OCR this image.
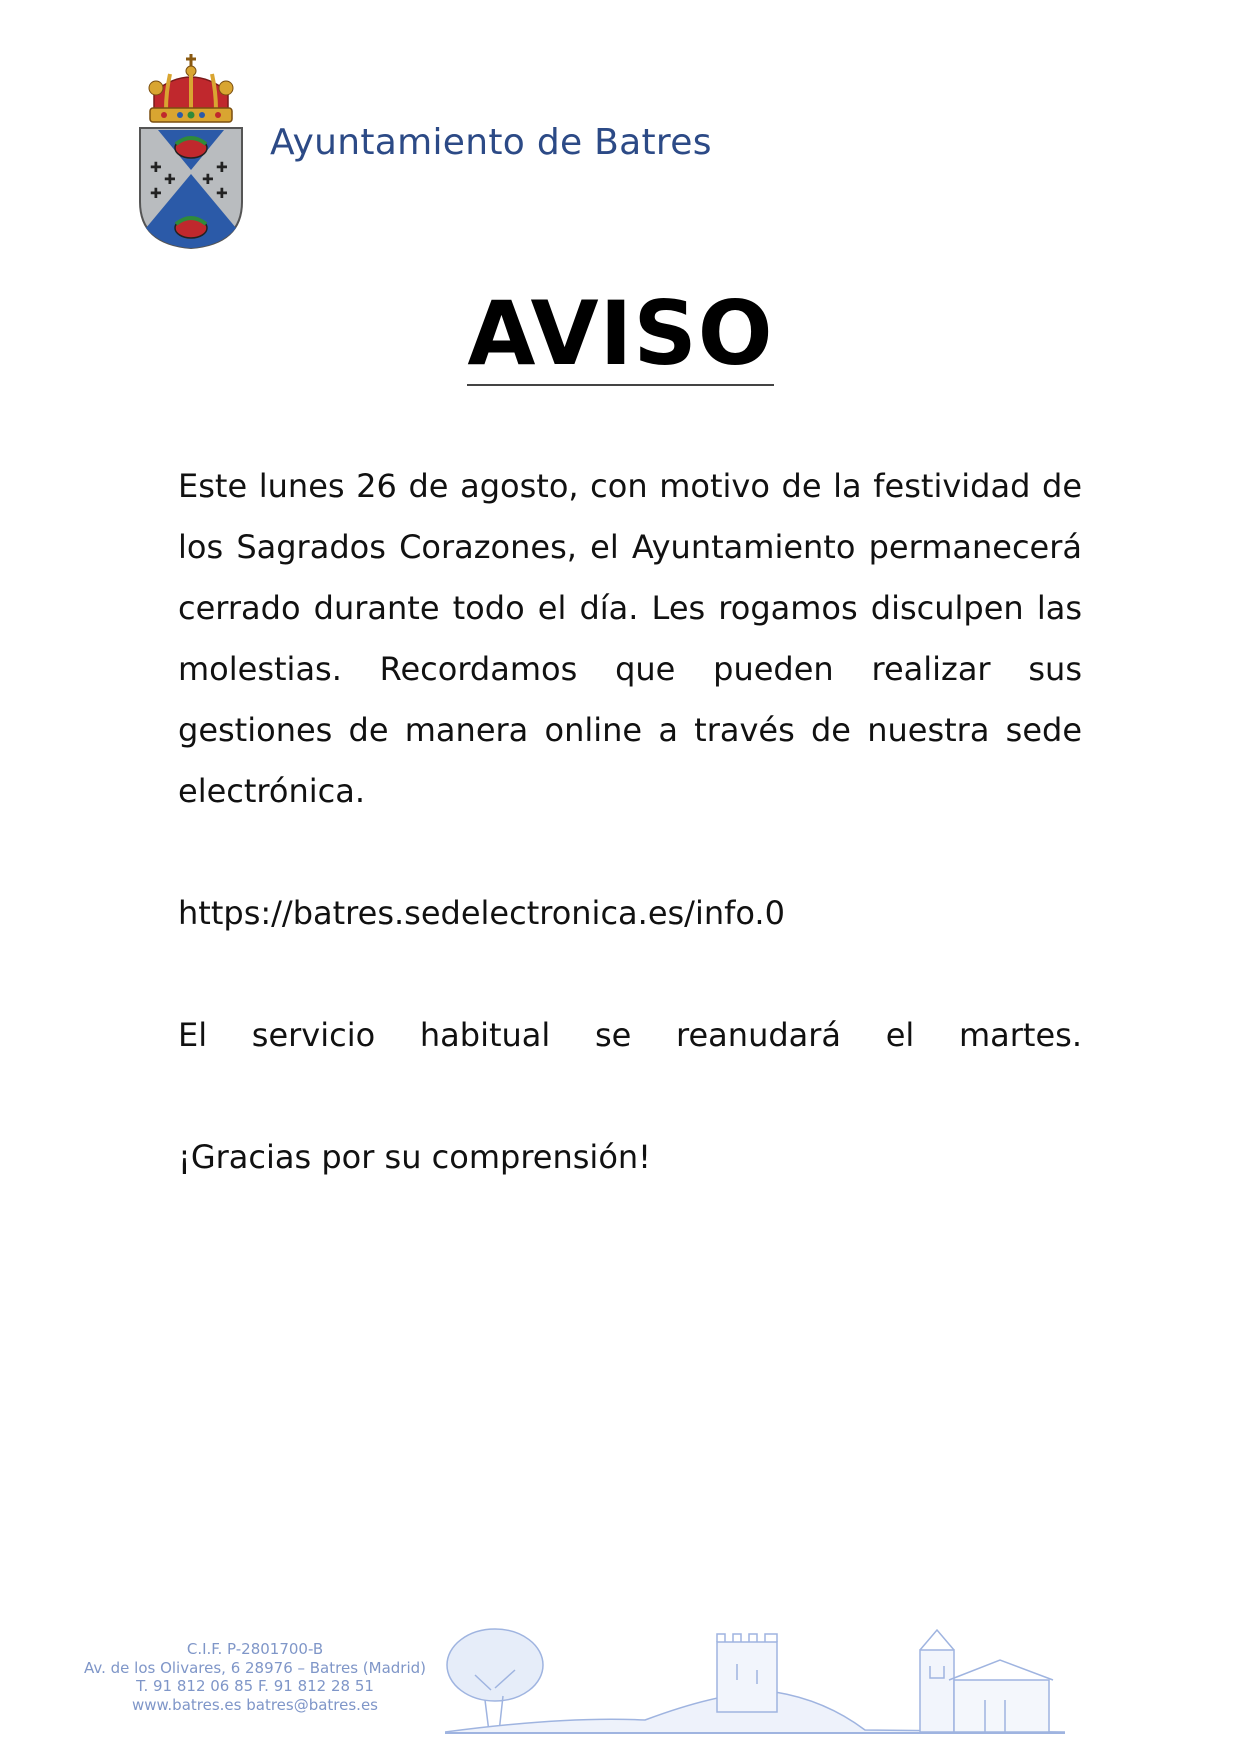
✚
✚
✚
✚
✚
✚
Ayuntamiento de Batres
AVISO

Este lunes 26 de agosto, con motivo de la festividad de los Sagrados Corazones, el Ayuntamiento permanecerá cerrado durante todo el día. Les rogamos disculpen las molestias. Recordamos que pueden realizar sus gestiones de manera online a través de nuestra sede electrónica.

https://batres.sedelectronica.es/info.0

El servicio habitual se reanudará el martes.

¡Gracias por su comprensión!

C.I.F. P-2801700-B
Av. de los Olivares, 6 28976 – Batres (Madrid)
T. 91 812 06 85 F. 91 812 28 51
www.batres.es batres@batres.es
